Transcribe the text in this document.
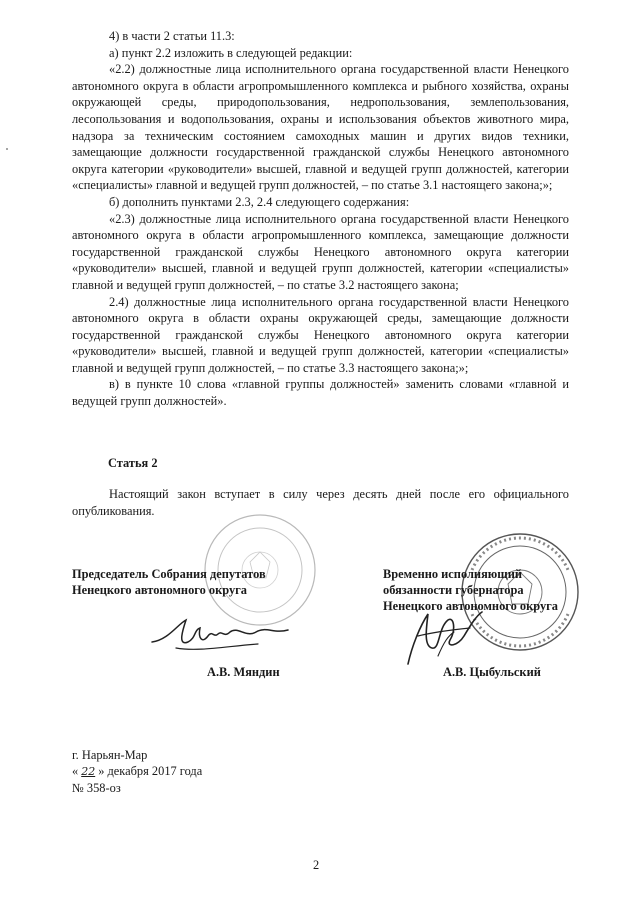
4) в части 2 статьи 11.3:

а) пункт 2.2 изложить в следующей редакции:

«2.2) должностные лица исполнительного органа государственной власти Ненецкого автономного округа в области агропромышленного комплекса и рыбного хозяйства, охраны окружающей среды, природопользования, недропользования, землепользования, лесопользования и водопользования, охраны и использования объектов животного мира, надзора за техническим состоянием самоходных машин и других видов техники, замещающие должности государственной гражданской службы Ненецкого автономного округа категории «руководители» высшей, главной и ведущей групп должностей, категории «специалисты» главной и ведущей групп должностей, – по статье 3.1 настоящего закона;»;

б) дополнить пунктами 2.3, 2.4 следующего содержания:

«2.3) должностные лица исполнительного органа государственной власти Ненецкого автономного округа в области агропромышленного комплекса, замещающие должности государственной гражданской службы Ненецкого автономного округа категории «руководители» высшей, главной и ведущей групп должностей, категории «специалисты» главной и ведущей групп должностей, – по статье 3.2 настоящего закона;

2.4) должностные лица исполнительного органа государственной власти Ненецкого автономного округа в области охраны окружающей среды, замещающие должности государственной гражданской службы Ненецкого автономного округа категории «руководители» высшей, главной и ведущей групп должностей, категории «специалисты» главной и ведущей групп должностей, – по статье 3.3 настоящего закона;»;

в) в пункте 10 слова «главной группы должностей» заменить словами «главной и ведущей групп должностей».

Статья 2
Настоящий закон вступает в силу через десять дней после его официального опубликования.
Председатель Собрания депутатов
Ненецкого автономного округа
Временно исполняющий
обязанности губернатора
Ненецкого автономного округа
А.В. Мяндин	А.В. Цыбульский
г. Нарьян-Мар
« 22 » декабря 2017 года
№ 358-оз
2
